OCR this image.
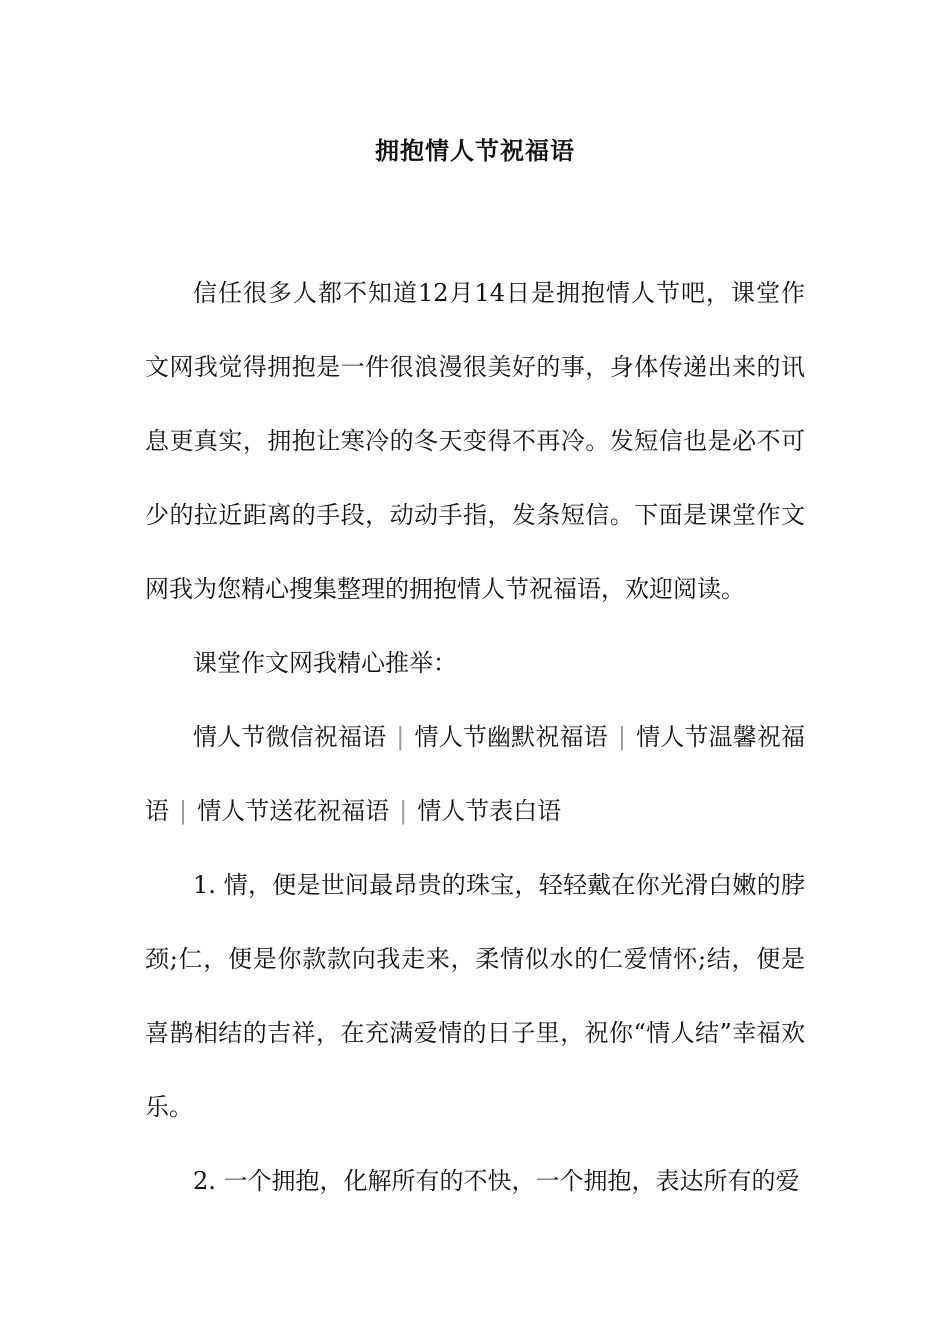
拥抱情人节祝福语

信任很多人都不知道12月14日是拥抱情人节吧，课堂作文网我觉得拥抱是一件很浪漫很美好的事，身体传递出来的讯息更真实，拥抱让寒冷的冬天变得不再冷。发短信也是必不可少的拉近距离的手段，动动手指，发条短信。下面是课堂作文网我为您精心搜集整理的拥抱情人节祝福语，欢迎阅读。

课堂作文网我精心推举：

情人节微信祝福语 | 情人节幽默祝福语 | 情人节温馨祝福语 | 情人节送花祝福语 | 情人节表白语

1. 情，便是世间最昂贵的珠宝，轻轻戴在你光滑白嫩的脖颈;仁，便是你款款向我走来，柔情似水的仁爱情怀;结，便是喜鹊相结的吉祥，在充满爱情的日子里，祝你“情人结”幸福欢乐。

2. 一个拥抱，化解所有的不快，一个拥抱，表达所有的爱
